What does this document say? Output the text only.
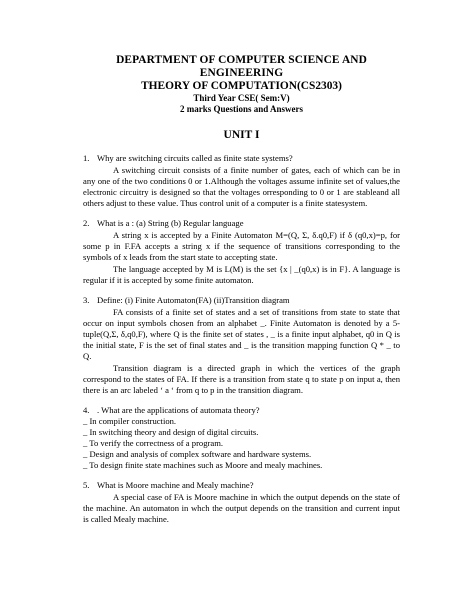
DEPARTMENT OF COMPUTER SCIENCE AND ENGINEERING
THEORY OF COMPUTATION(CS2303)
Third Year CSE( Sem:V)
2 marks Questions and Answers
UNIT I
1. Why are switching circuits called as finite state systems?
A switching circuit consists of a finite number of gates, each of which can be in any one of the two conditions 0 or 1.Although the voltages assume infinite set of values,the electronic circuitry is designed so that the voltages orresponding to 0 or 1 are stableand all others adjust to these value. Thus control unit of a computer is a finite statesystem.
2. What is a : (a) String (b) Regular language
A string x is accepted by a Finite Automaton M=(Q, Σ, δ.q0,F) if δ (q0,x)=p, for some p in F.FA accepts a string x if the sequence of transitions corresponding to the symbols of x leads from the start state to accepting state.
The language accepted by M is L(M) is the set {x | _(q0,x) is in F}. A language is regular if it is accepted by some finite automaton.
3. Define: (i) Finite Automaton(FA) (ii)Transition diagram
FA consists of a finite set of states and a set of transitions from state to state that occur on input symbols chosen from an alphabet _. Finite Automaton is denoted by a 5- tuple(Q,Σ, δ,q0,F), where Q is the finite set of states , _ is a finite input alphabet, q0 in Q is the initial state, F is the set of final states and _ is the transition mapping function Q * _ to Q.
Transition diagram is a directed graph in which the vertices of the graph correspond to the states of FA. If there is a transition from state q to state p on input a, then there is an arc labeled ‘ a ‘ from q to p in the transition diagram.
4. . What are the applications of automata theory?
_ In compiler construction.
_ In switching theory and design of digital circuits.
_ To verify the correctness of a program.
_ Design and analysis of complex software and hardware systems.
_ To design finite state machines such as Moore and mealy machines.
5. What is Moore machine and Mealy machine?
A special case of FA is Moore machine in which the output depends on the state of the machine. An automaton in whch the output depends on the transition and current input is called Mealy machine.
